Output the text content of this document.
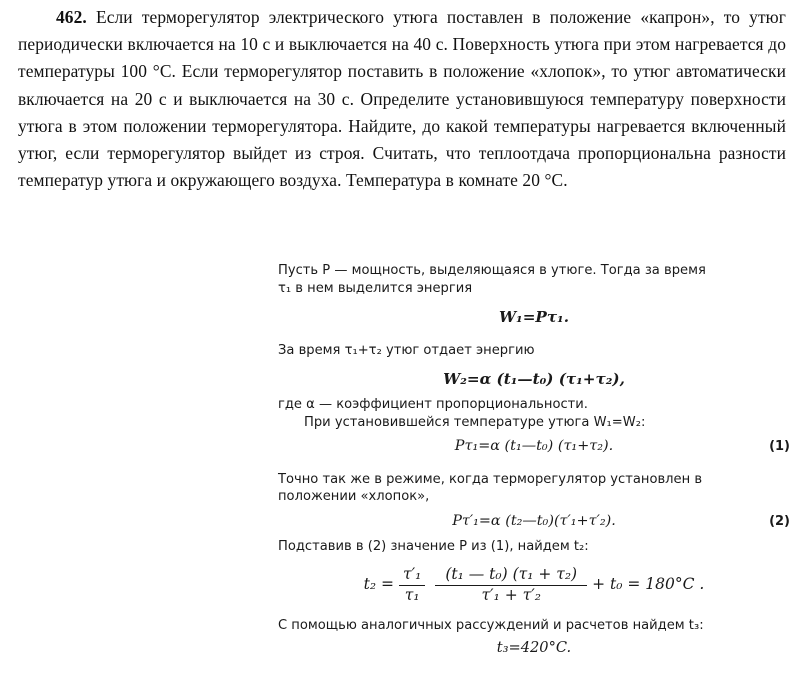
462. Если терморегулятор электрического утюга поставлен в положение «капрон», то утюг периодически включается на 10 с и выключается на 40 с. Поверхность утюга при этом нагревается до температуры 100 °C. Если терморегулятор поставить в положение «хлопок», то утюг автоматически включается на 20 с и выключается на 30 с. Определите установившуюся температуру поверхности утюга в этом положении терморегулятора. Найдите, до какой температуры нагревается включенный утюг, если терморегулятор выйдет из строя. Считать, что теплоотдача пропорциональна разности температур утюга и окружающего воздуха. Температура в комнате 20 °C.

Пусть P — мощность, выделяющаяся в утюге. Тогда за время

τ₁ в нем выделится энергия

W₁=Pτ₁.

За время τ₁+τ₂ утюг отдает энергию

W₂=α (t₁—t₀) (τ₁+τ₂),

где α — коэффициент пропорциональности.

При установившейся температуре утюга W₁=W₂:

Pτ₁=α (t₁—t₀) (τ₁+τ₂).	(1)

Точно так же в режиме, когда терморегулятор установлен в

положении «хлопок»,

Pτ′₁=α (t₂—t₀)(τ′₁+τ′₂).	(2)

Подставив в (2) значение P из (1), найдем t₂:

$t_2 = \frac{\text{τ′₁}}{\text{τ₁}} \frac{\text{(t₁ — t₀) (τ₁ + τ₂)}}{\text{τ′₁ + τ′₂}} + t_0 = 180^\circ C$ .

С помощью аналогичных рассуждений и расчетов найдем t₃:

t₃=420°C.
